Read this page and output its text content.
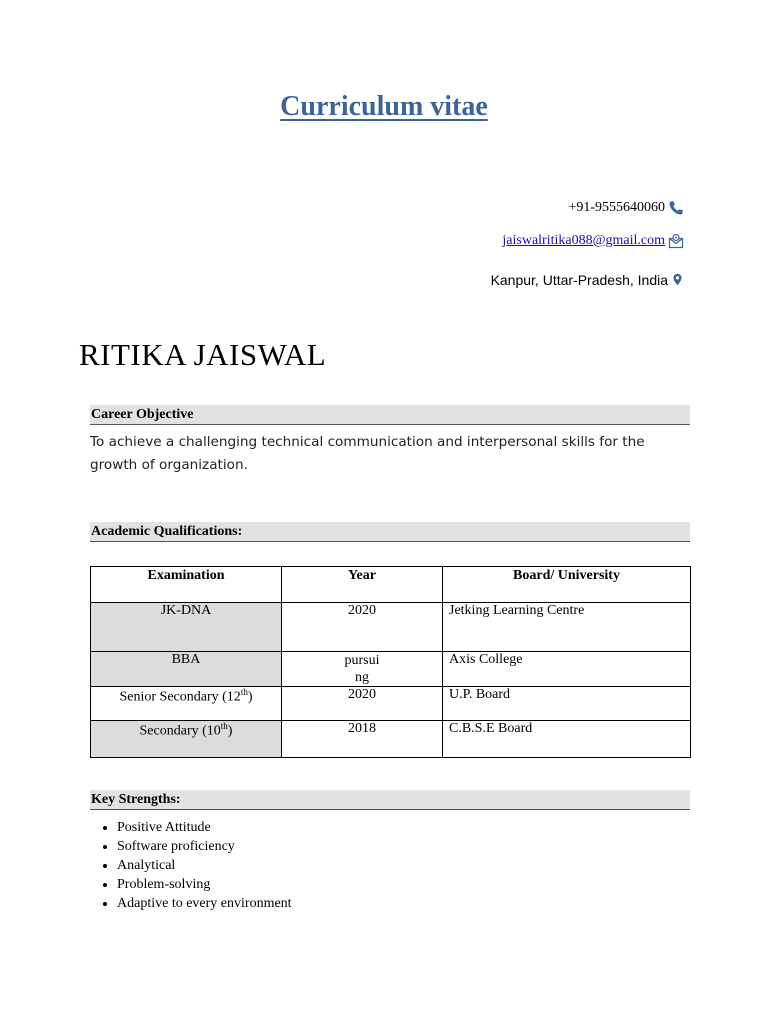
Curriculum vitae
+91-9555640060
jaiswalritika088@gmail.com
Kanpur, Uttar-Pradesh, India
RITIKA JAISWAL
Career Objective
To achieve a challenging technical communication and interpersonal skills for the growth of organization.
Academic Qualifications:
Examination	Year	Board/ University
JK-DNA	2020	Jetking Learning Centre
BBA	pursuing	Axis College
Senior Secondary (12th)	2020	U.P. Board
Secondary (10th)	2018	C.B.S.E Board
Key Strengths:
• Positive Attitude
• Software proficiency
• Analytical
• Problem-solving
• Adaptive to every environment
